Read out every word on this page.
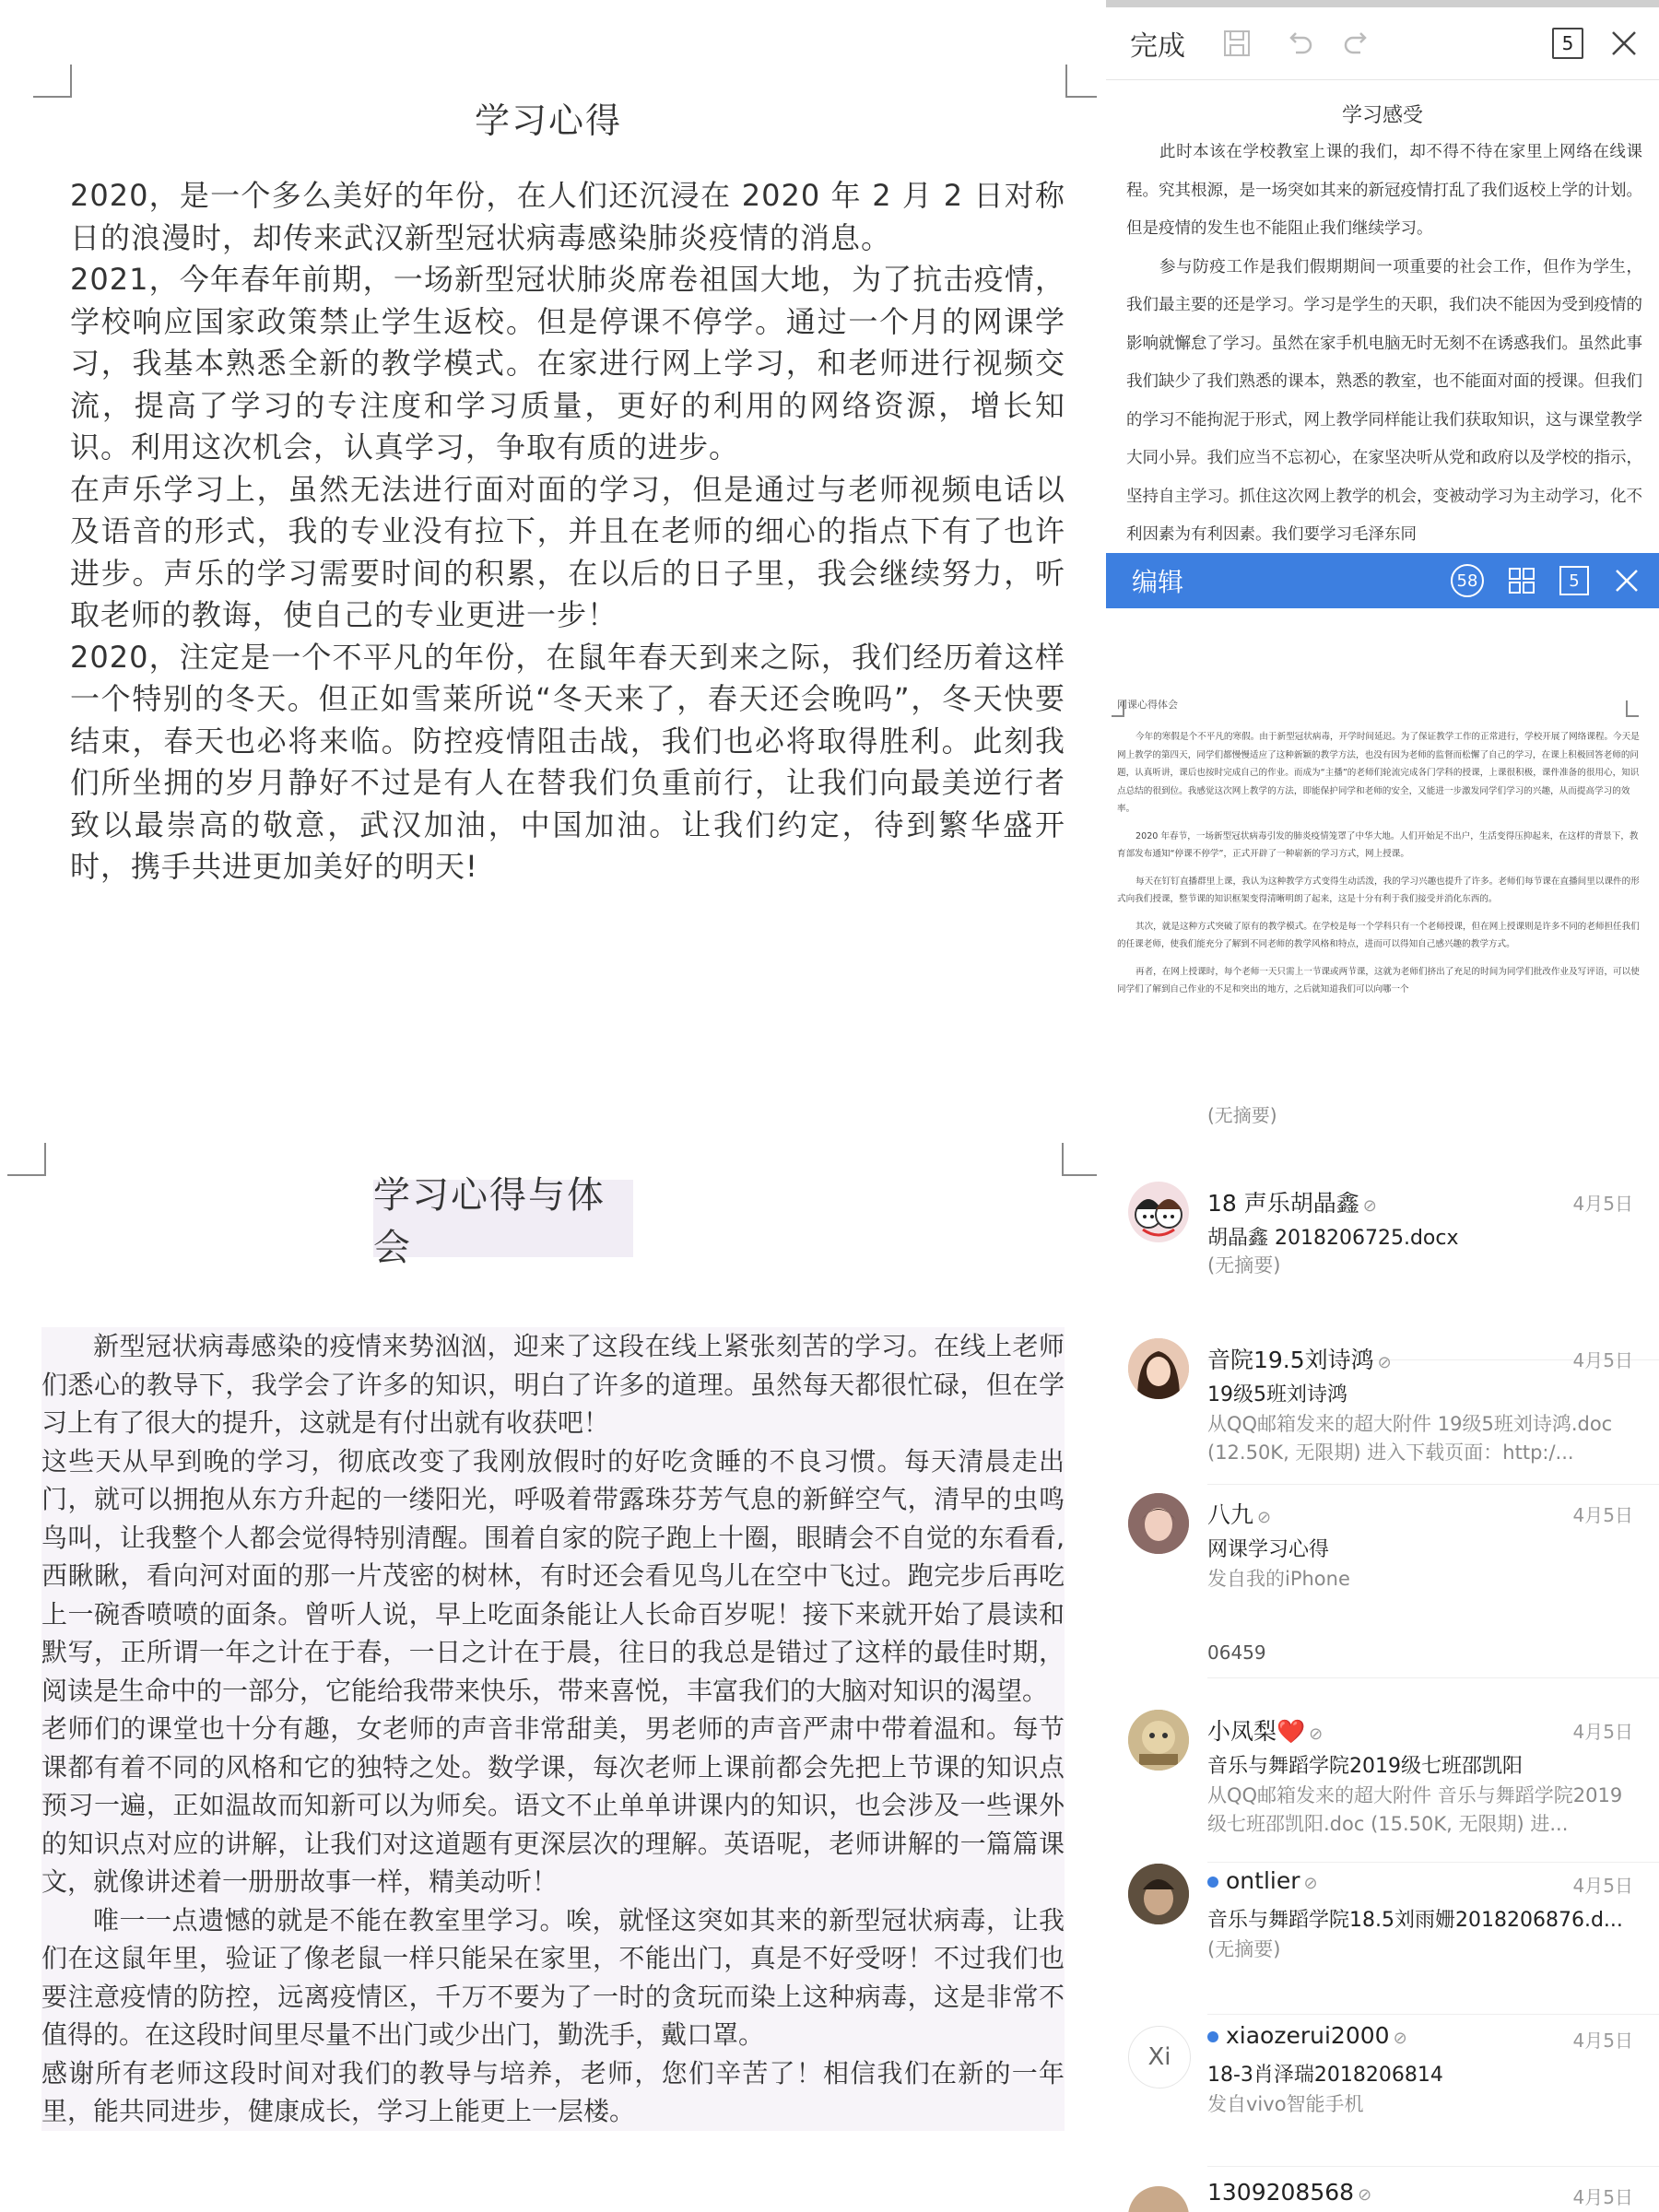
学习心得

2020，是一个多么美好的年份，在人们还沉浸在 2020 年 2 月 2 日对称日的浪漫时，却传来武汉新型冠状病毒感染肺炎疫情的消息。

2021，今年春年前期，一场新型冠状肺炎席卷祖国大地，为了抗击疫情，学校响应国家政策禁止学生返校。但是停课不停学。通过一个月的网课学习，我基本熟悉全新的教学模式。在家进行网上学习，和老师进行视频交流，提高了学习的专注度和学习质量，更好的利用的网络资源，增长知识。利用这次机会，认真学习，争取有质的进步。

在声乐学习上，虽然无法进行面对面的学习，但是通过与老师视频电话以及语音的形式，我的专业没有拉下，并且在老师的细心的指点下有了也许进步。声乐的学习需要时间的积累，在以后的日子里，我会继续努力，听取老师的教诲，使自己的专业更进一步！

2020，注定是一个不平凡的年份，在鼠年春天到来之际，我们经历着这样一个特别的冬天。但正如雪莱所说“冬天来了，春天还会晚吗”，冬天快要结束，春天也必将来临。防控疫情阻击战，我们也必将取得胜利。此刻我们所坐拥的岁月静好不过是有人在替我们负重前行，让我们向最美逆行者致以最崇高的敬意，武汉加油，中国加油。让我们约定，待到繁华盛开时，携手共进更加美好的明天!

学习心得与体会

新型冠状病毒感染的疫情来势汹汹，迎来了这段在线上紧张刻苦的学习。在线上老师们悉心的教导下，我学会了许多的知识，明白了许多的道理。虽然每天都很忙碌，但在学习上有了很大的提升，这就是有付出就有收获吧！

这些天从早到晚的学习，彻底改变了我刚放假时的好吃贪睡的不良习惯。每天清晨走出门，就可以拥抱从东方升起的一缕阳光，呼吸着带露珠芬芳气息的新鲜空气，清早的虫鸣鸟叫，让我整个人都会觉得特别清醒。围着自家的院子跑上十圈，眼睛会不自觉的东看看,西瞅瞅，看向河对面的那一片茂密的树林，有时还会看见鸟儿在空中飞过。跑完步后再吃上一碗香喷喷的面条。曾听人说，早上吃面条能让人长命百岁呢！接下来就开始了晨读和默写，正所谓一年之计在于春，一日之计在于晨，往日的我总是错过了这样的最佳时期，阅读是生命中的一部分，它能给我带来快乐，带来喜悦，丰富我们的大脑对知识的渴望。

老师们的课堂也十分有趣，女老师的声音非常甜美，男老师的声音严肃中带着温和。每节课都有着不同的风格和它的独特之处。数学课，每次老师上课前都会先把上节课的知识点预习一遍，正如温故而知新可以为师矣。语文不止单单讲课内的知识，也会涉及一些课外的知识点对应的讲解，让我们对这道题有更深层次的理解。英语呢，老师讲解的一篇篇课文，就像讲述着一册册故事一样，精美动听！

唯一一点遗憾的就是不能在教室里学习。唉，就怪这突如其来的新型冠状病毒，让我们在这鼠年里，验证了像老鼠一样只能呆在家里，不能出门，真是不好受呀！不过我们也要注意疫情的防控，远离疫情区，千万不要为了一时的贪玩而染上这种病毒，这是非常不值得的。在这段时间里尽量不出门或少出门，勤洗手，戴口罩。

感谢所有老师这段时间对我们的教导与培养，老师，您们辛苦了！相信我们在新的一年里，能共同进步，健康成长，学习上能更上一层楼。

完成	5
学习感受

此时本该在学校教室上课的我们，却不得不待在家里上网络在线课程。究其根源，是一场突如其来的新冠疫情打乱了我们返校上学的计划。但是疫情的发生也不能阻止我们继续学习。

参与防疫工作是我们假期期间一项重要的社会工作，但作为学生，我们最主要的还是学习。学习是学生的天职，我们决不能因为受到疫情的影响就懈怠了学习。虽然在家手机电脑无时无刻不在诱惑我们。虽然此事我们缺少了我们熟悉的课本，熟悉的教室，也不能面对面的授课。但我们的学习不能拘泥于形式，网上教学同样能让我们获取知识，这与课堂教学大同小异。我们应当不忘初心，在家坚决听从党和政府以及学校的指示，坚持自主学习。抓住这次网上教学的机会，变被动学习为主动学习，化不利因素为有利因素。我们要学习毛泽东同

编辑	58	5
网课心得体会

今年的寒假是个不平凡的寒假。由于新型冠状病毒，开学时间延迟。为了保证教学工作的正常进行，学校开展了网络课程。今天是网上教学的第四天，同学们都慢慢适应了这种新颖的教学方法，也没有因为老师的监督而松懈了自己的学习，在课上积极回答老师的问题，认真听讲，课后也按时完成自己的作业。而成为“主播”的老师们轮流完成各门学科的授课，上课很积极，课件准备的很用心，知识点总结的很到位。我感觉这次网上教学的方法，即能保护同学和老师的安全，又能进一步激发同学们学习的兴趣，从而提高学习的效率。

2020 年春节，一场新型冠状病毒引发的肺炎疫情笼罩了中华大地。人们开始足不出户，生活变得压抑起来，在这样的背景下，教育部发布通知“停课不停学”，正式开辟了一种崭新的学习方式，网上授课。

每天在钉钉直播群里上课，我认为这种教学方式变得生动活泼，我的学习兴趣也提升了许多。老师们每节课在直播间里以课件的形式向我们授课，整节课的知识框架变得清晰明朗了起来，这是十分有利于我们接受并消化东西的。

其次，就是这种方式突破了原有的教学模式。在学校是每一个学科只有一个老师授课，但在网上授课则是许多不同的老师担任我们的任课老师，使我们能充分了解到不同老师的教学风格和特点，进而可以得知自己感兴趣的教学方式。

再者，在网上授课时，每个老师一天只需上一节课或两节课，这就为老师们挤出了充足的时间为同学们批改作业及写评语，可以使同学们了解到自己作业的不足和突出的地方，之后就知道我们可以向哪一个

(无摘要)
18 声乐胡晶鑫 ⊘	4月5日
胡晶鑫 2018206725.docx
(无摘要)
音院19.5刘诗鸿 ⊘	4月5日
19级5班刘诗鸿
从QQ邮箱发来的超大附件 19级5班刘诗鸿.doc (12.50K, 无限期) 进入下载页面：http:/...
八九 ⊘	4月5日
网课学习心得
发自我的iPhone
06459
小凤梨❤️ ⊘	4月5日
音乐与舞蹈学院2019级七班邵凯阳
从QQ邮箱发来的超大附件 音乐与舞蹈学院2019级七班邵凯阳.doc (15.50K, 无限期) 进...
ontlier ⊘	4月5日
音乐与舞蹈学院18.5刘雨姗2018206876.d...
(无摘要)
Xi
xiaozerui2000 ⊘	4月5日
18-3肖泽瑞2018206814
发自vivo智能手机
1309208568 ⊘	4月5日
